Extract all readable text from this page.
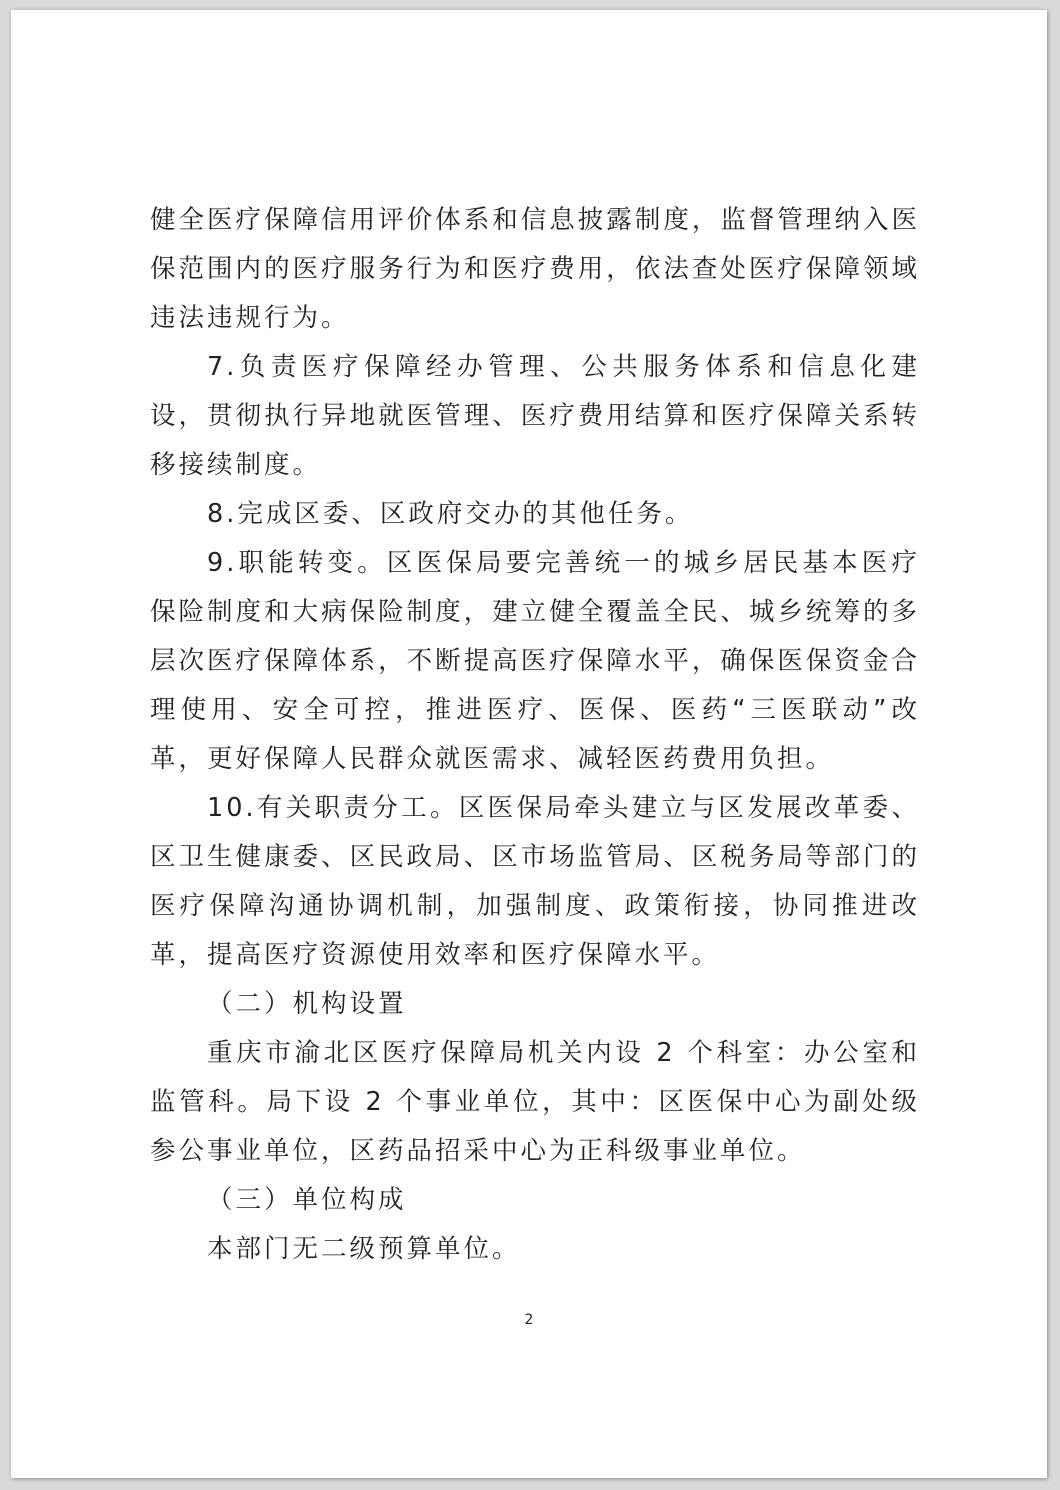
健全医疗保障信用评价体系和信息披露制度，监督管理纳入医保范围内的医疗服务行为和医疗费用，依法查处医疗保障领域违法违规行为。

7.负责医疗保障经办管理、公共服务体系和信息化建设，贯彻执行异地就医管理、医疗费用结算和医疗保障关系转移接续制度。

8.完成区委、区政府交办的其他任务。

9.职能转变。区医保局要完善统一的城乡居民基本医疗保险制度和大病保险制度，建立健全覆盖全民、城乡统筹的多层次医疗保障体系，不断提高医疗保障水平，确保医保资金合理使用、安全可控，推进医疗、医保、医药“三医联动”改革，更好保障人民群众就医需求、减轻医药费用负担。

10.有关职责分工。区医保局牵头建立与区发展改革委、区卫生健康委、区民政局、区市场监管局、区税务局等部门的医疗保障沟通协调机制，加强制度、政策衔接，协同推进改革，提高医疗资源使用效率和医疗保障水平。

（二）机构设置

重庆市渝北区医疗保障局机关内设 2 个科室：办公室和监管科。局下设 2 个事业单位，其中：区医保中心为副处级参公事业单位，区药品招采中心为正科级事业单位。

（三）单位构成

本部门无二级预算单位。

2
